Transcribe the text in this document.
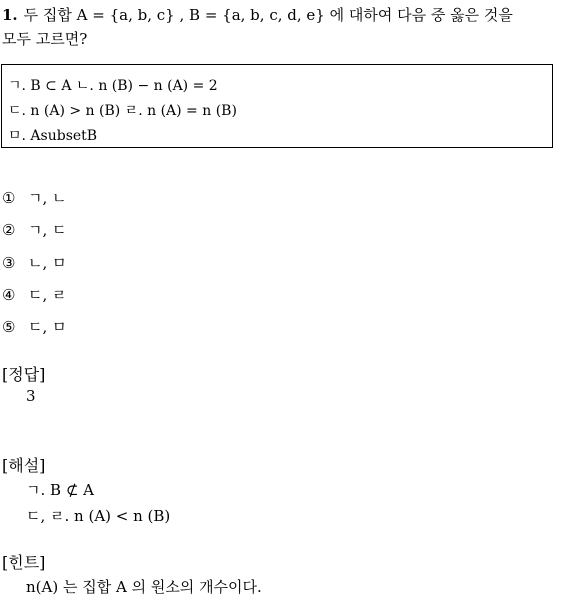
1. 두 집합 A = {a, b, c} , B = {a, b, c, d, e} 에 대하여 다음 중 옳은 것을
모두 고르면?
ㄱ. B ⊂ A ㄴ. n (B) − n (A) = 2
ㄷ. n (A) > n (B) ㄹ. n (A) = n (B)
ㅁ. AsubsetB
① ㄱ, ㄴ
② ㄱ, ㄷ
③ ㄴ, ㅁ
④ ㄷ, ㄹ
⑤ ㄷ, ㅁ
[정답]
3
[해설]
ㄱ. B ⊄ A
ㄷ, ㄹ. n (A) < n (B)
[힌트]
n(A) 는 집합 A 의 원소의 개수이다.
